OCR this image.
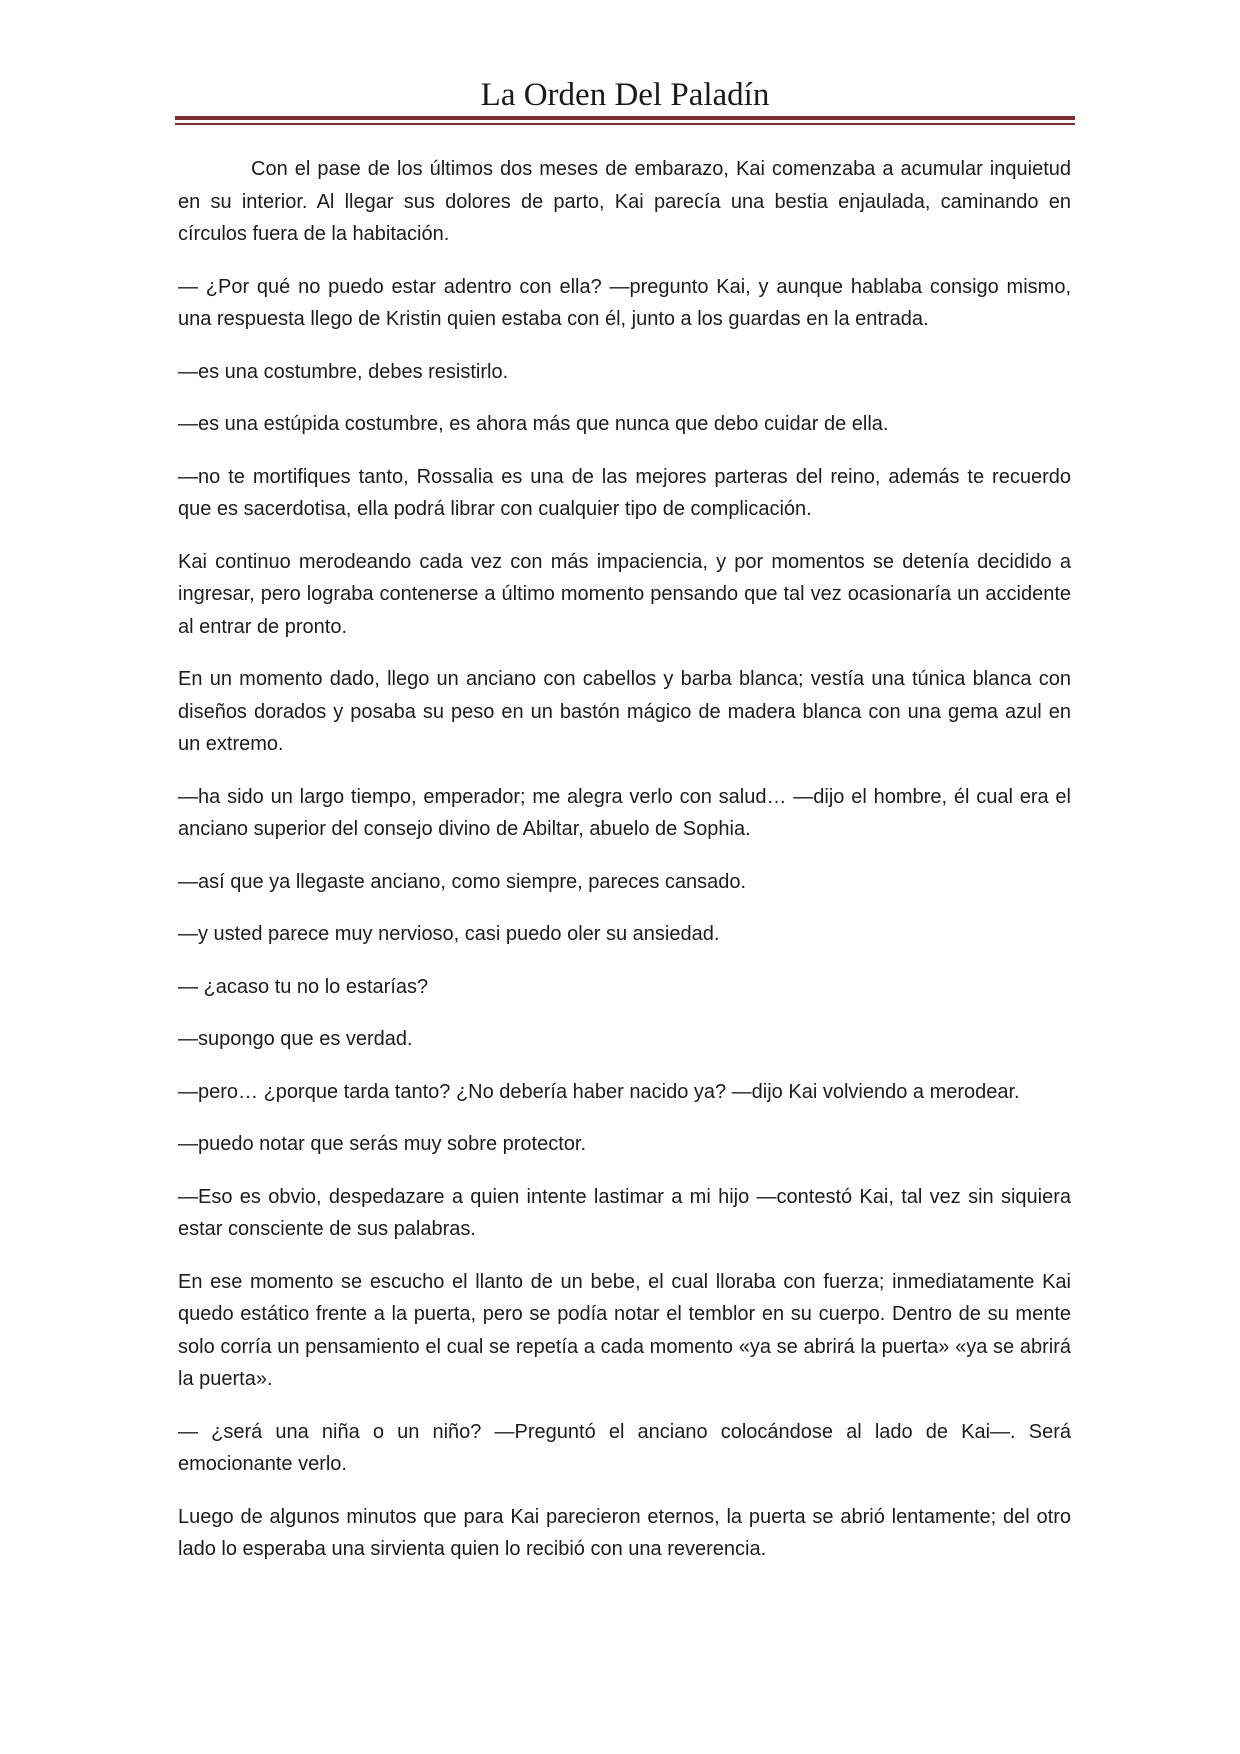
La Orden Del Paladín

Con el pase de los últimos dos meses de embarazo, Kai comenzaba a acumular inquietud en su interior. Al llegar sus dolores de parto, Kai parecía una bestia enjaulada, caminando en círculos fuera de la habitación.

— ¿Por qué no puedo estar adentro con ella? —pregunto Kai, y aunque hablaba consigo mismo, una respuesta llego de Kristin quien estaba con él, junto a los guardas en la entrada.

—es una costumbre, debes resistirlo.

—es una estúpida costumbre, es ahora más que nunca que debo cuidar de ella.

—no te mortifiques tanto, Rossalia es una de las mejores parteras del reino, además te recuerdo que es sacerdotisa, ella podrá librar con cualquier tipo de complicación.

Kai continuo merodeando cada vez con más impaciencia, y por momentos se detenía decidido a ingresar, pero lograba contenerse a último momento pensando que tal vez ocasionaría un accidente al entrar de pronto.

En un momento dado, llego un anciano con cabellos y barba blanca; vestía una túnica blanca con diseños dorados y posaba su peso en un bastón mágico de madera blanca con una gema azul en un extremo.

—ha sido un largo tiempo, emperador; me alegra verlo con salud… —dijo el hombre, él cual era el anciano superior del consejo divino de Abiltar, abuelo de Sophia.

—así que ya llegaste anciano, como siempre, pareces cansado.

—y usted parece muy nervioso, casi puedo oler su ansiedad.

— ¿acaso tu no lo estarías?

—supongo que es verdad.

—pero… ¿porque tarda tanto? ¿No debería haber nacido ya? —dijo Kai volviendo a merodear.

—puedo notar que serás muy sobre protector.

—Eso es obvio, despedazare a quien intente lastimar a mi hijo —contestó Kai, tal vez sin siquiera estar consciente de sus palabras.

En ese momento se escucho el llanto de un bebe, el cual lloraba con fuerza; inmediatamente Kai quedo estático frente a la puerta, pero se podía notar el temblor en su cuerpo. Dentro de su mente solo corría un pensamiento el cual se repetía a cada momento «ya se abrirá la puerta» «ya se abrirá la puerta».

— ¿será una niña o un niño? —Preguntó el anciano colocándose al lado de Kai—. Será emocionante verlo.

Luego de algunos minutos que para Kai parecieron eternos, la puerta se abrió lentamente; del otro lado lo esperaba una sirvienta quien lo recibió con una reverencia.
